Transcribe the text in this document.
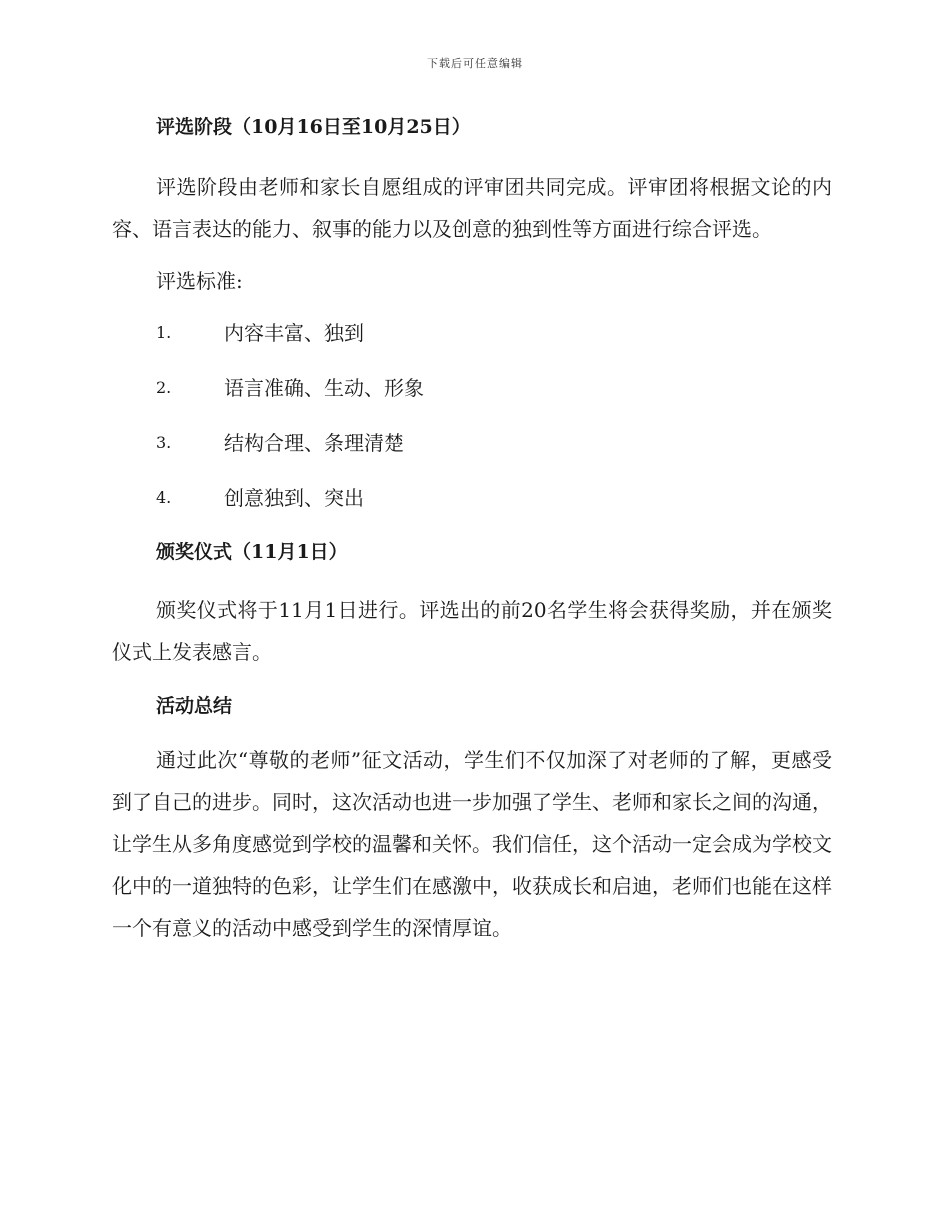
下载后可任意编辑

评选阶段（10月16日至10月25日）

评选阶段由老师和家长自愿组成的评审团共同完成。评审团将根据文论的内容、语言表达的能力、叙事的能力以及创意的独到性等方面进行综合评选。

评选标准:

1.	内容丰富、独到
2.	语言准确、生动、形象
3.	结构合理、条理清楚
4.	创意独到、突出

颁奖仪式（11月1日）

颁奖仪式将于11月1日进行。评选出的前20名学生将会获得奖励，并在颁奖仪式上发表感言。

活动总结

通过此次“尊敬的老师”征文活动，学生们不仅加深了对老师的了解，更感受到了自己的进步。同时，这次活动也进一步加强了学生、老师和家长之间的沟通，让学生从多角度感觉到学校的温馨和关怀。我们信任，这个活动一定会成为学校文化中的一道独特的色彩，让学生们在感激中，收获成长和启迪，老师们也能在这样一个有意义的活动中感受到学生的深情厚谊。
